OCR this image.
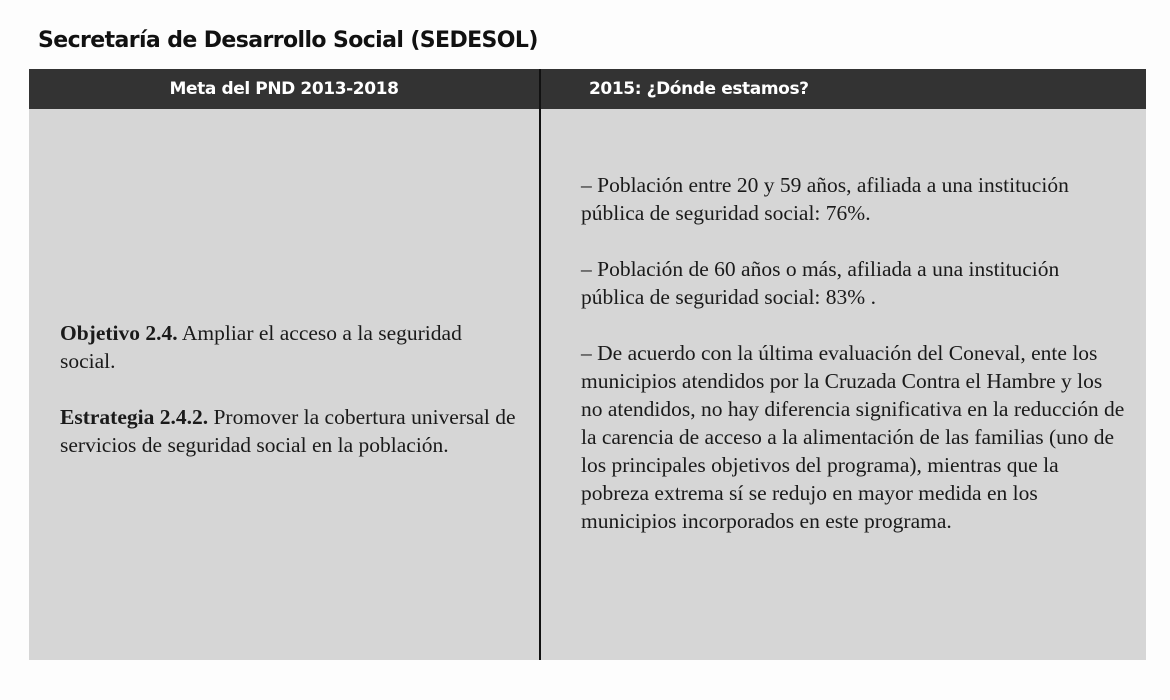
Secretaría de Desarrollo Social (SEDESOL)
Meta del PND 2013-2018	2015: ¿Dónde estamos?

Objetivo 2.4. Ampliar el acceso a la seguridad social.

Estrategia 2.4.2. Promover la cobertura universal de servicios de seguridad social en la población.

– Población entre 20 y 59 años, afiliada a una institución pública de seguridad social: 76%.

– Población de 60 años o más, afiliada a una institución pública de seguridad social: 83% .

– De acuerdo con la última evaluación del Coneval, ente los municipios atendidos por la Cruzada Contra el Hambre y los no atendidos, no hay diferencia significativa en la reducción de la carencia de acceso a la alimentación de las familias (uno de los principales objetivos del programa), mientras que la pobreza extrema sí se redujo en mayor medida en los municipios incorporados en este programa.
